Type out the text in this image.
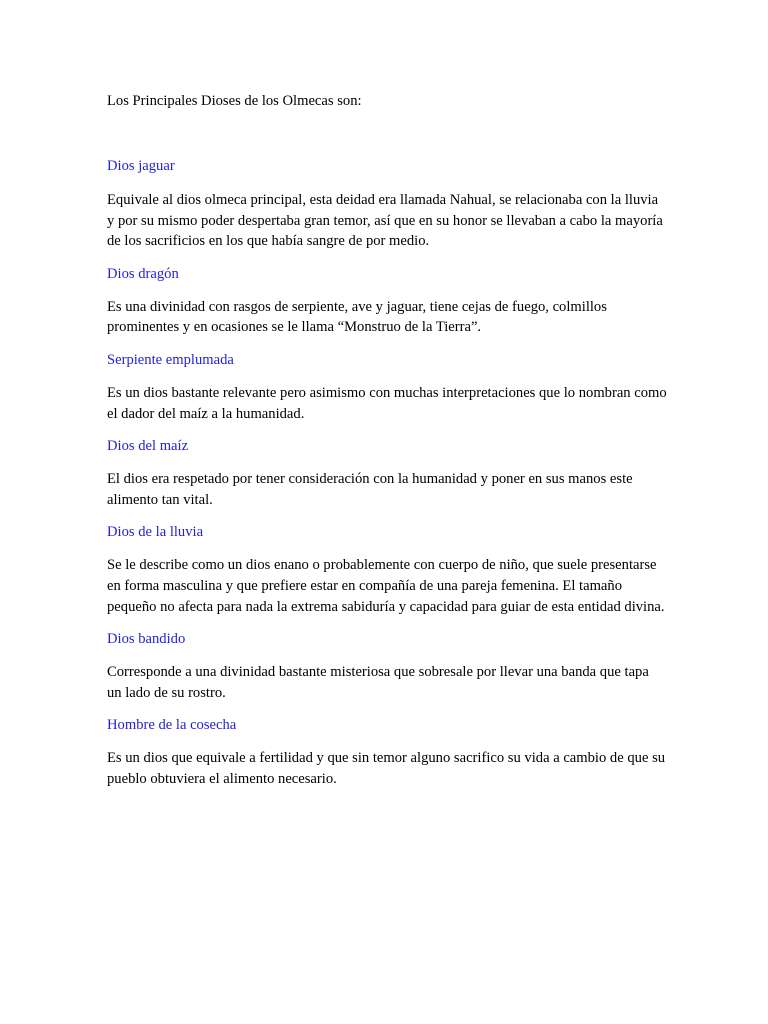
Los Principales Dioses de los Olmecas son:

Dios jaguar

Equivale al dios olmeca principal, esta deidad era llamada Nahual, se relacionaba con la lluvia y por su mismo poder despertaba gran temor, así que en su honor se llevaban a cabo la mayoría de los sacrificios en los que había sangre de por medio.

Dios dragón

Es una divinidad con rasgos de serpiente, ave y jaguar, tiene cejas de fuego, colmillos prominentes y en ocasiones se le llama “Monstruo de la Tierra”.

Serpiente emplumada

Es un dios bastante relevante pero asimismo con muchas interpretaciones que lo nombran como el dador del maíz a la humanidad.

Dios del maíz

El dios era respetado por tener consideración con la humanidad y poner en sus manos este alimento tan vital.

Dios de la lluvia

Se le describe como un dios enano o probablemente con cuerpo de niño, que suele presentarse en forma masculina y que prefiere estar en compañía de una pareja femenina. El tamaño pequeño no afecta para nada la extrema sabiduría y capacidad para guiar de esta entidad divina.

Dios bandido

Corresponde a una divinidad bastante misteriosa que sobresale por llevar una banda que tapa un lado de su rostro.

Hombre de la cosecha

Es un dios que equivale a fertilidad y que sin temor alguno sacrifico su vida a cambio de que su pueblo obtuviera el alimento necesario.
